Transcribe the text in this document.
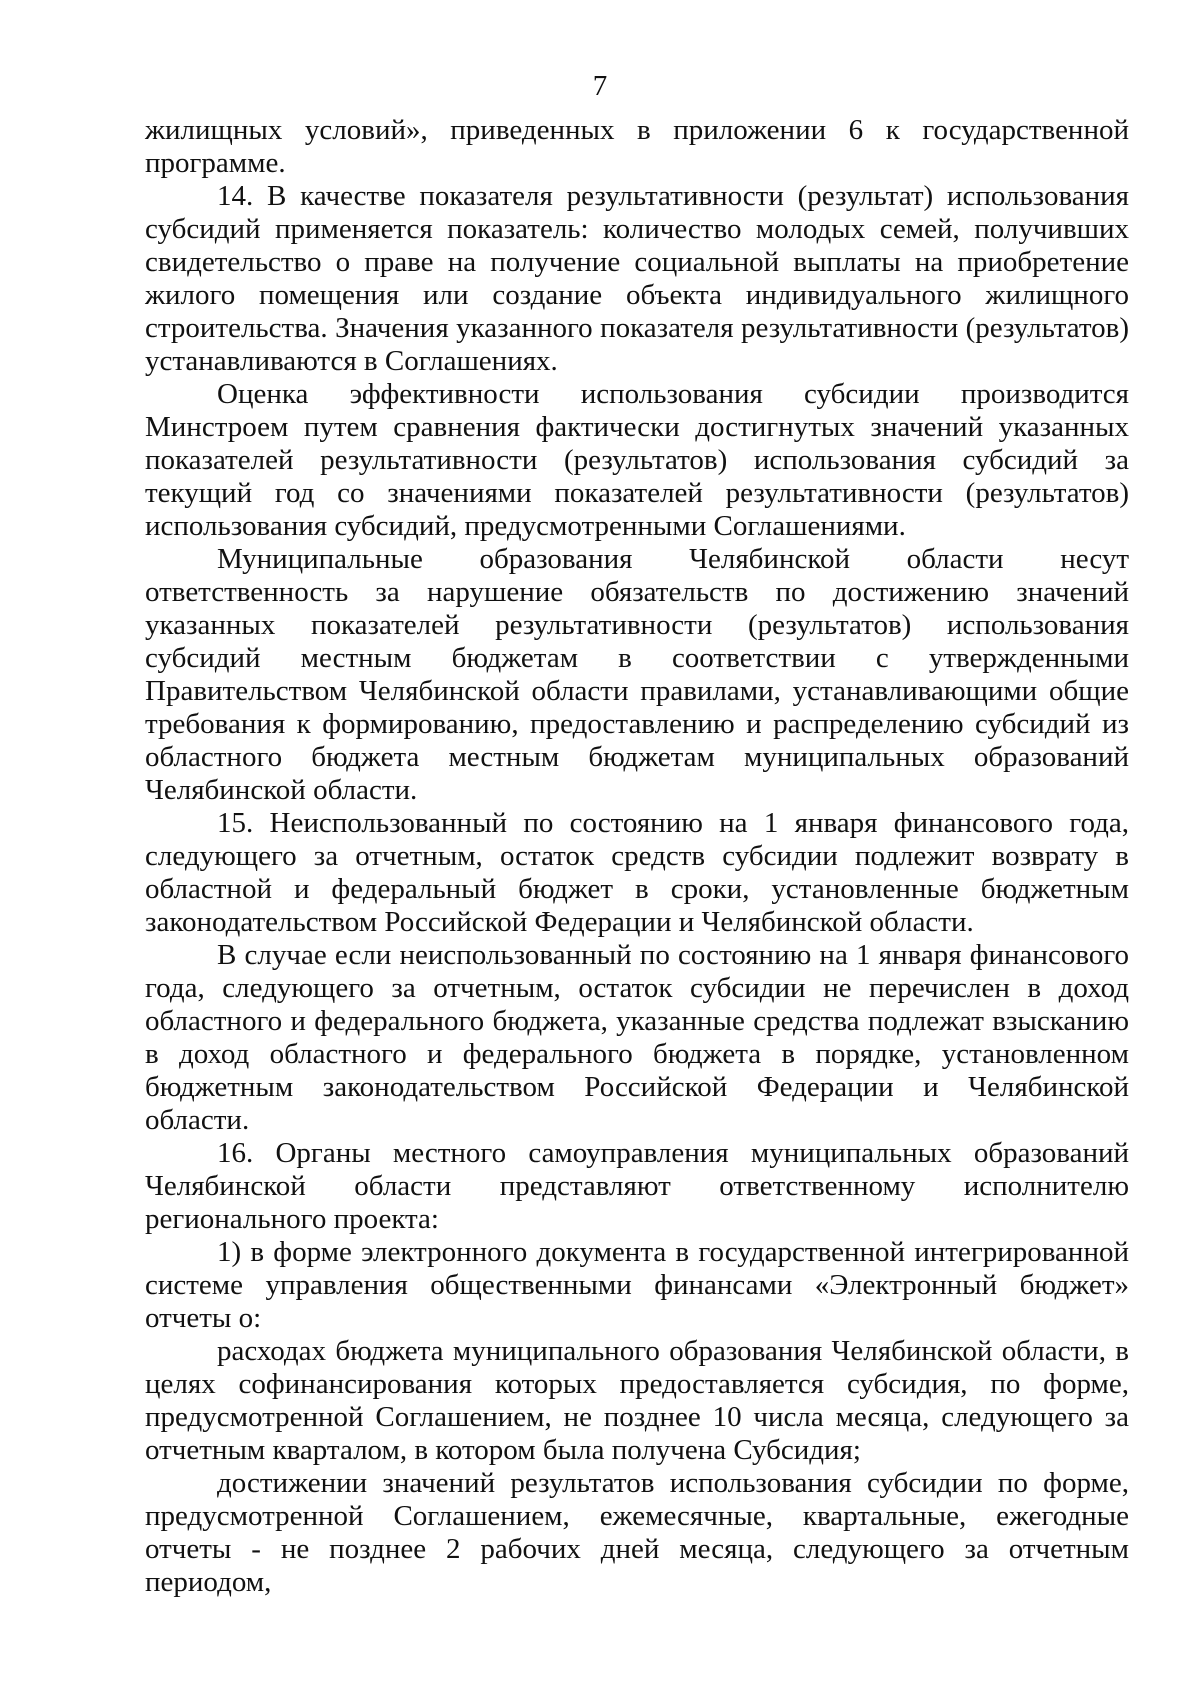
7

жилищных условий», приведенных в приложении 6 к государственной программе.

14. В качестве показателя результативности (результат) использования субсидий применяется показатель: количество молодых семей, получивших свидетельство о праве на получение социальной выплаты на приобретение жилого помещения или создание объекта индивидуального жилищного строительства. Значения указанного показателя результативности (результатов) устанавливаются в Соглашениях.

Оценка эффективности использования субсидии производится Минстроем путем сравнения фактически достигнутых значений указанных показателей результативности (результатов) использования субсидий за текущий год со значениями показателей результативности (результатов) использования субсидий, предусмотренными Соглашениями.

Муниципальные образования Челябинской области несут ответственность за нарушение обязательств по достижению значений указанных показателей результативности (результатов) использования субсидий местным бюджетам в соответствии с утвержденными Правительством Челябинской области правилами, устанавливающими общие требования к формированию, предоставлению и распределению субсидий из областного бюджета местным бюджетам муниципальных образований Челябинской области.

15. Неиспользованный по состоянию на 1 января финансового года, следующего за отчетным, остаток средств субсидии подлежит возврату в областной и федеральный бюджет в сроки, установленные бюджетным законодательством Российской Федерации и Челябинской области.

В случае если неиспользованный по состоянию на 1 января финансового года, следующего за отчетным, остаток субсидии не перечислен в доход областного и федерального бюджета, указанные средства подлежат взысканию в доход областного и федерального бюджета в порядке, установленном бюджетным законодательством Российской Федерации и Челябинской области.

16. Органы местного самоуправления муниципальных образований Челябинской области представляют ответственному исполнителю регионального проекта:

1) в форме электронного документа в государственной интегрированной системе управления общественными финансами «Электронный бюджет» отчеты о:

расходах бюджета муниципального образования Челябинской области, в целях софинансирования которых предоставляется субсидия, по форме, предусмотренной Соглашением, не позднее 10 числа месяца, следующего за отчетным кварталом, в котором была получена Субсидия;

достижении значений результатов использования субсидии по форме, предусмотренной Соглашением, ежемесячные, квартальные, ежегодные отчеты - не позднее 2 рабочих дней месяца, следующего за отчетным периодом,
